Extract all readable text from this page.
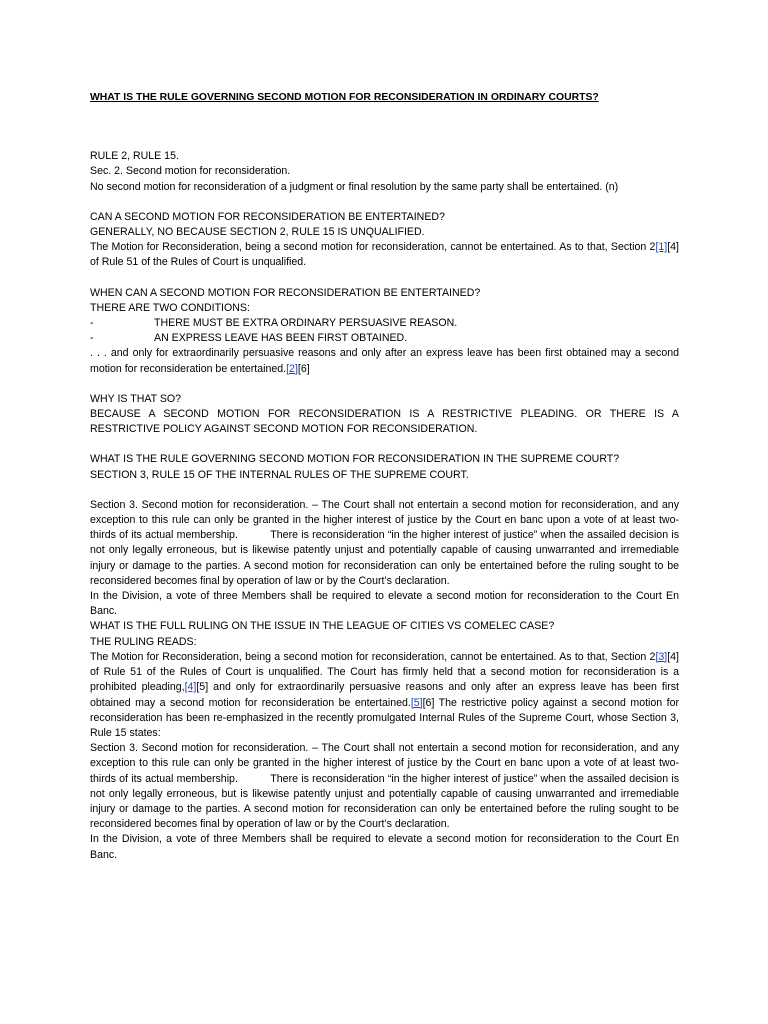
WHAT IS THE RULE GOVERNING SECOND MOTION FOR RECONSIDERATION IN ORDINARY COURTS?

RULE 2, RULE 15.

Sec. 2. Second motion for reconsideration.

No second motion for reconsideration of a judgment or final resolution by the same party shall be entertained. (n)

CAN A SECOND MOTION FOR RECONSIDERATION BE ENTERTAINED?

GENERALLY, NO BECAUSE SECTION 2, RULE 15 IS UNQUALIFIED.

The Motion for Reconsideration, being a second motion for reconsideration, cannot be entertained. As to that, Section 2[1][4] of Rule 51 of the Rules of Court is unqualified.

WHEN CAN A SECOND MOTION FOR RECONSIDERATION BE ENTERTAINED?

THERE ARE TWO CONDITIONS:

-	THERE MUST BE EXTRA ORDINARY PERSUASIVE REASON.

-	AN EXPRESS LEAVE HAS BEEN FIRST OBTAINED.

. . . and only for extraordinarily persuasive reasons and only after an express leave has been first obtained may a second motion for reconsideration be entertained.[2][6]

WHY IS THAT SO?

BECAUSE A SECOND MOTION FOR RECONSIDERATION IS A RESTRICTIVE PLEADING. OR THERE IS A RESTRICTIVE POLICY AGAINST SECOND MOTION FOR RECONSIDERATION.

WHAT IS THE RULE GOVERNING SECOND MOTION FOR RECONSIDERATION IN THE SUPREME COURT?

SECTION 3, RULE 15 OF THE INTERNAL RULES OF THE SUPREME COURT.

Section 3. Second motion for reconsideration. – The Court shall not entertain a second motion for reconsideration, and any exception to this rule can only be granted in the higher interest of justice by the Court en banc upon a vote of at least two-thirds of its actual membership.          There is reconsideration “in the higher interest of justice” when the assailed decision is not only legally erroneous, but is likewise patently unjust and potentially capable of causing unwarranted and irremediable injury or damage to the parties. A second motion for reconsideration can only be entertained before the ruling sought to be reconsidered becomes final by operation of law or by the Court’s declaration.

In the Division, a vote of three Members shall be required to elevate a second motion for reconsideration to the Court En Banc.

WHAT IS THE FULL RULING ON THE ISSUE IN THE LEAGUE OF CITIES VS COMELEC CASE?

THE RULING READS:

The Motion for Reconsideration, being a second motion for reconsideration, cannot be entertained. As to that, Section 2[3][4] of Rule 51 of the Rules of Court is unqualified. The Court has firmly held that a second motion for reconsideration is a prohibited pleading,[4][5] and only for extraordinarily persuasive reasons and only after an express leave has been first obtained may a second motion for reconsideration be entertained.[5][6] The restrictive policy against a second motion for reconsideration has been re-emphasized in the recently promulgated Internal Rules of the Supreme Court, whose Section 3, Rule 15 states:

Section 3. Second motion for reconsideration. – The Court shall not entertain a second motion for reconsideration, and any exception to this rule can only be granted in the higher interest of justice by the Court en banc upon a vote of at least two-thirds of its actual membership.          There is reconsideration “in the higher interest of justice” when the assailed decision is not only legally erroneous, but is likewise patently unjust and potentially capable of causing unwarranted and irremediable injury or damage to the parties. A second motion for reconsideration can only be entertained before the ruling sought to be reconsidered becomes final by operation of law or by the Court’s declaration.

In the Division, a vote of three Members shall be required to elevate a second motion for reconsideration to the Court En Banc.
